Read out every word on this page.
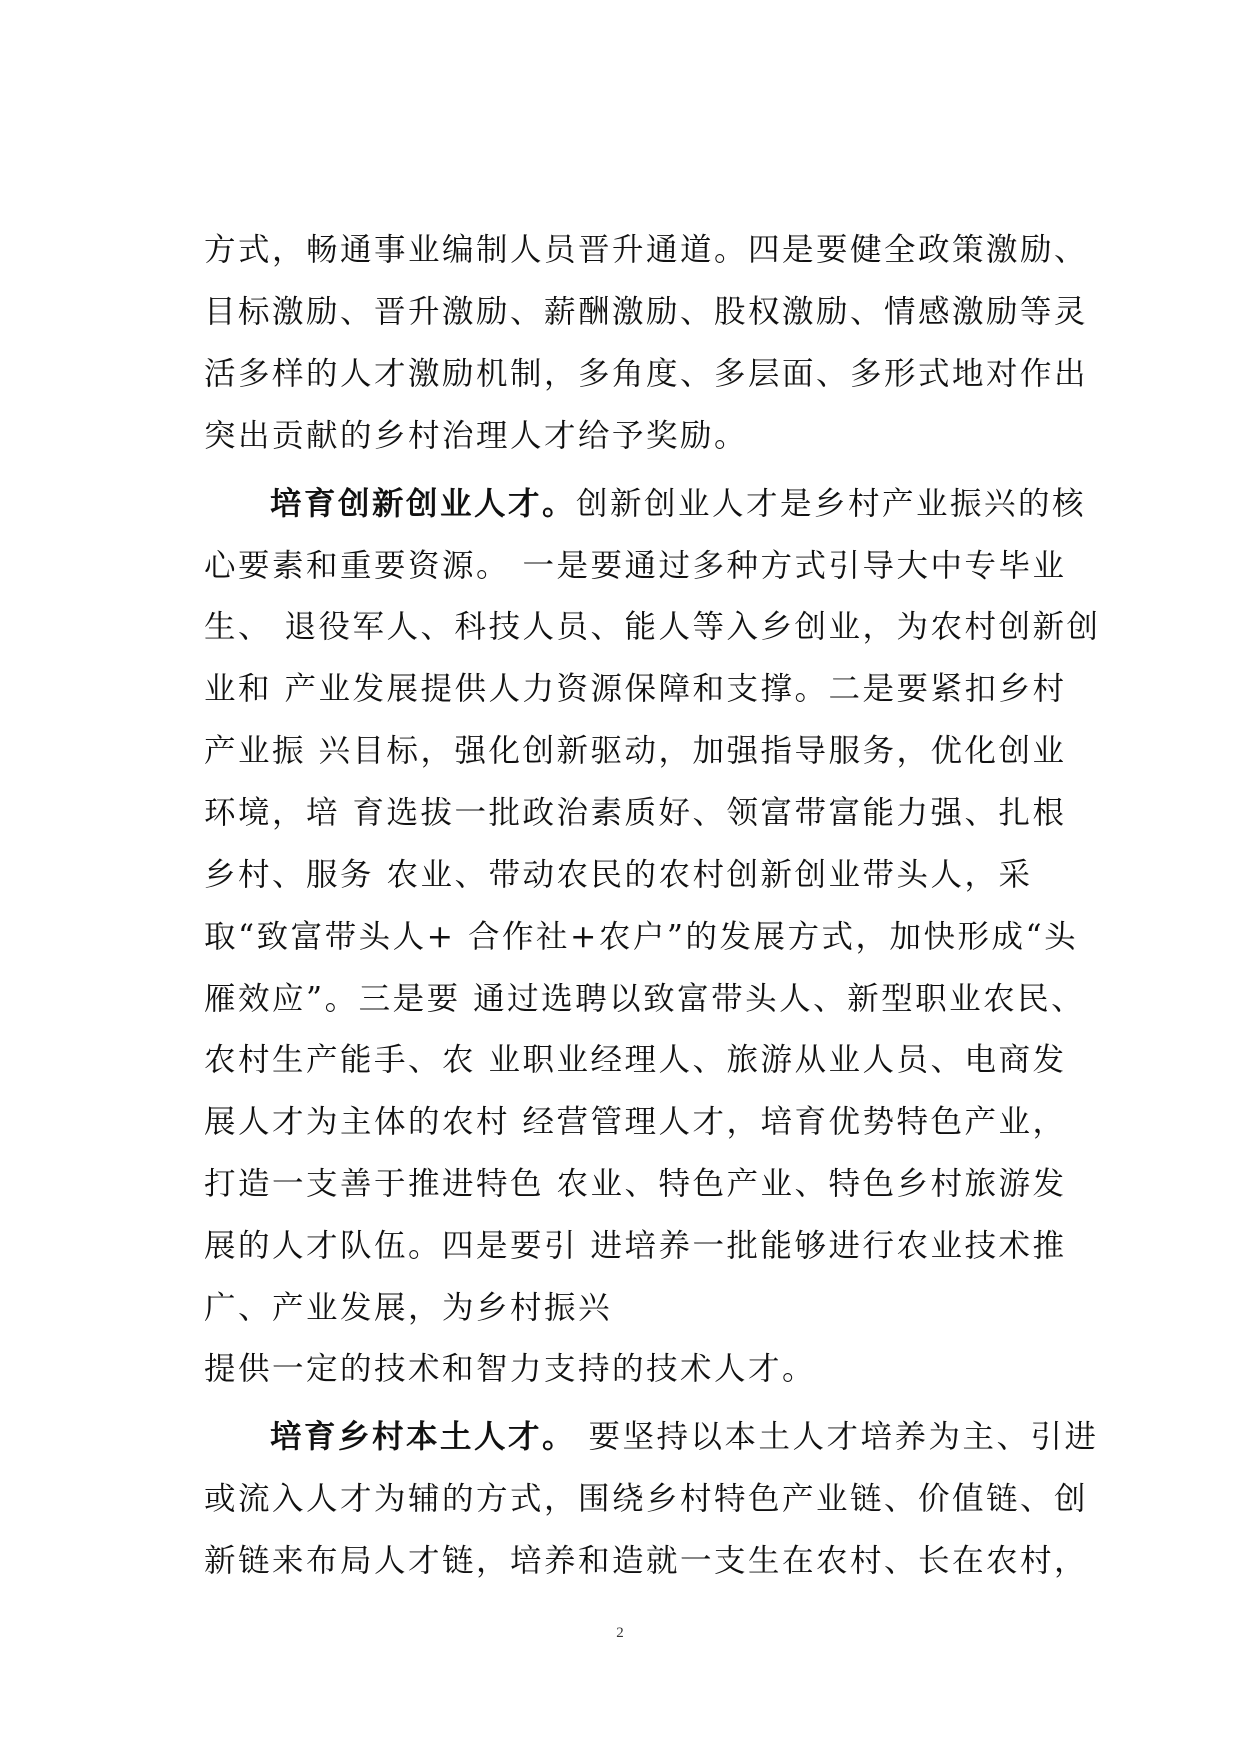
方式，畅通事业编制人员晋升通道。四是要健全政策激励、
目标激励、晋升激励、薪酬激励、股权激励、情感激励等灵
活多样的人才激励机制，多角度、多层面、多形式地对作出
突出贡献的乡村治理人才给予奖励。
培育创新创业人才。创新创业人才是乡村产业振兴的核
心要素和重要资源。 一是要通过多种方式引导大中专毕业
生、 退役军人、科技人员、能人等入乡创业，为农村创新创
业和 产业发展提供人力资源保障和支撑。二是要紧扣乡村
产业振 兴目标，强化创新驱动，加强指导服务，优化创业
环境，培 育选拔一批政治素质好、领富带富能力强、扎根
乡村、服务 农业、带动农民的农村创新创业带头人，采
取“致富带头人+ 合作社+农户”的发展方式，加快形成“头
雁效应”。三是要 通过选聘以致富带头人、新型职业农民、
农村生产能手、农 业职业经理人、旅游从业人员、电商发
展人才为主体的农村 经营管理人才，培育优势特色产业，
打造一支善于推进特色 农业、特色产业、特色乡村旅游发
展的人才队伍。四是要引 进培养一批能够进行农业技术推
广、产业发展，为乡村振兴
提供一定的技术和智力支持的技术人才。
培育乡村本土人才。 要坚持以本土人才培养为主、引进
或流入人才为辅的方式，围绕乡村特色产业链、价值链、创
新链来布局人才链，培养和造就一支生在农村、长在农村，
2
